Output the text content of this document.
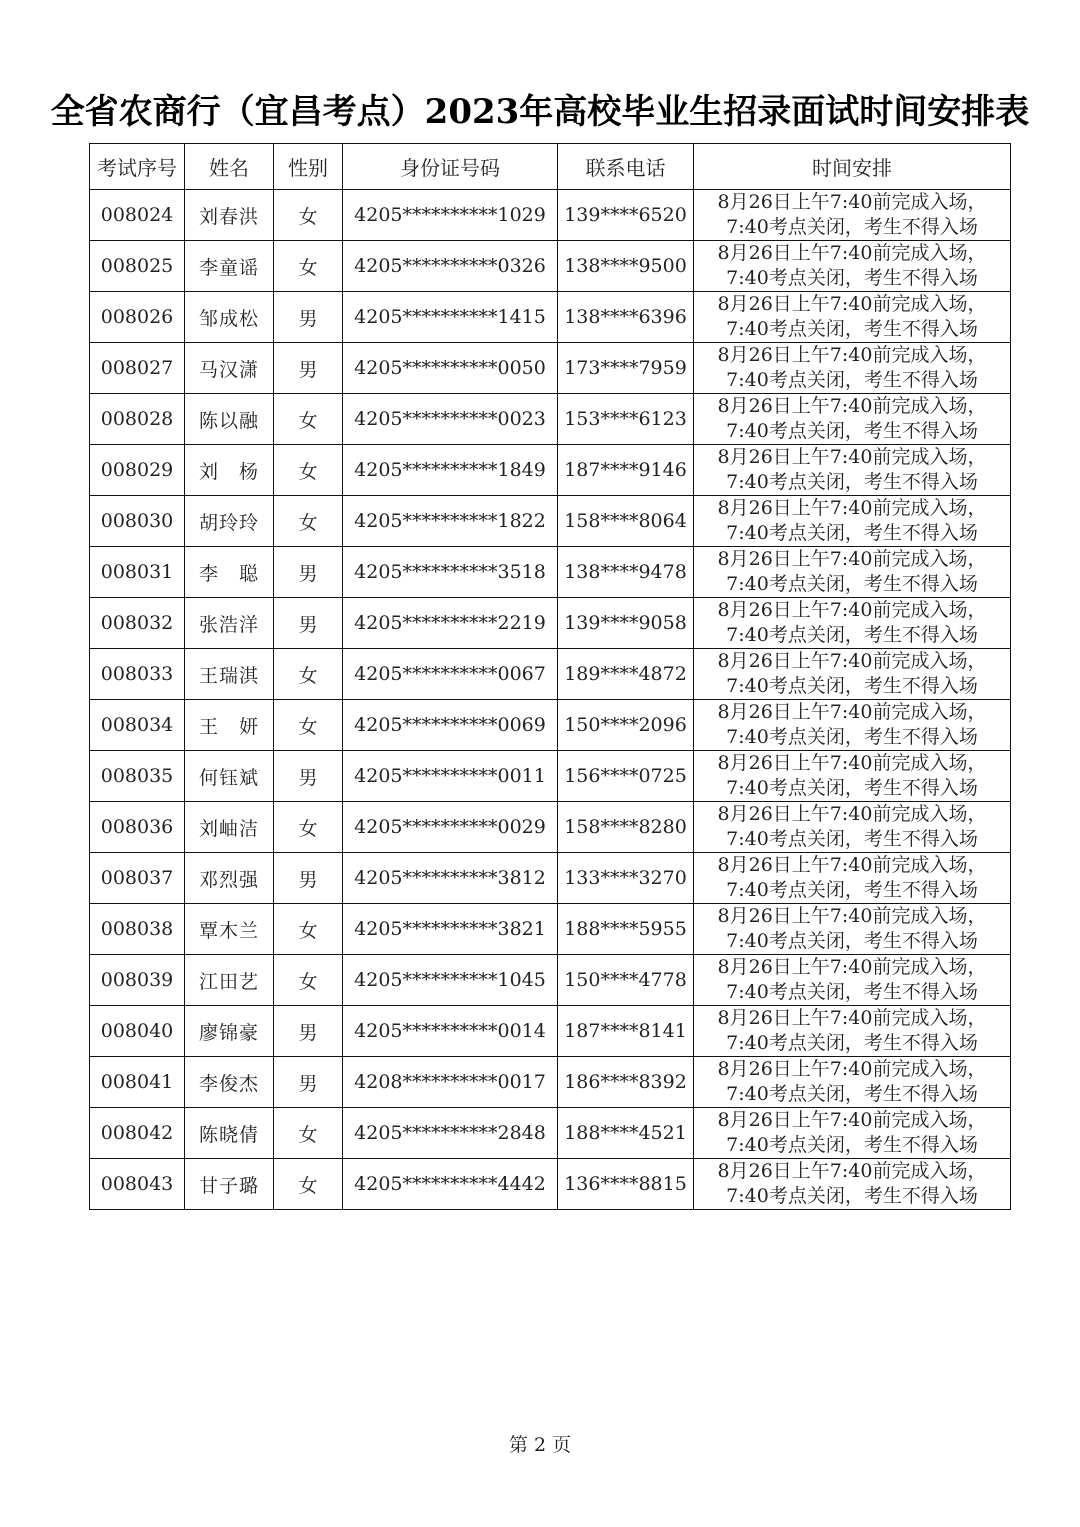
全省农商行（宜昌考点）2023年高校毕业生招录面试时间安排表
考试序号	姓名	性别	身份证号码	联系电话	时间安排
008024	刘春洪	女	4205**********1029	139****6520	8月26日上午7:40前完成入场，
7:40考点关闭，考生不得入场

008025	李童谣	女	4205**********0326	138****9500	8月26日上午7:40前完成入场，
7:40考点关闭，考生不得入场

008026	邹成松	男	4205**********1415	138****6396	8月26日上午7:40前完成入场，
7:40考点关闭，考生不得入场

008027	马汉潇	男	4205**********0050	173****7959	8月26日上午7:40前完成入场，
7:40考点关闭，考生不得入场

008028	陈以融	女	4205**********0023	153****6123	8月26日上午7:40前完成入场，
7:40考点关闭，考生不得入场

008029	刘　杨	女	4205**********1849	187****9146	8月26日上午7:40前完成入场，
7:40考点关闭，考生不得入场

008030	胡玲玲	女	4205**********1822	158****8064	8月26日上午7:40前完成入场，
7:40考点关闭，考生不得入场

008031	李　聪	男	4205**********3518	138****9478	8月26日上午7:40前完成入场，
7:40考点关闭，考生不得入场

008032	张浩洋	男	4205**********2219	139****9058	8月26日上午7:40前完成入场，
7:40考点关闭，考生不得入场

008033	王瑞淇	女	4205**********0067	189****4872	8月26日上午7:40前完成入场，
7:40考点关闭，考生不得入场

008034	王　妍	女	4205**********0069	150****2096	8月26日上午7:40前完成入场，
7:40考点关闭，考生不得入场

008035	何钰斌	男	4205**********0011	156****0725	8月26日上午7:40前完成入场，
7:40考点关闭，考生不得入场

008036	刘岫洁	女	4205**********0029	158****8280	8月26日上午7:40前完成入场，
7:40考点关闭，考生不得入场

008037	邓烈强	男	4205**********3812	133****3270	8月26日上午7:40前完成入场，
7:40考点关闭，考生不得入场

008038	覃木兰	女	4205**********3821	188****5955	8月26日上午7:40前完成入场，
7:40考点关闭，考生不得入场

008039	江田艺	女	4205**********1045	150****4778	8月26日上午7:40前完成入场，
7:40考点关闭，考生不得入场

008040	廖锦豪	男	4205**********0014	187****8141	8月26日上午7:40前完成入场，
7:40考点关闭，考生不得入场

008041	李俊杰	男	4208**********0017	186****8392	8月26日上午7:40前完成入场，
7:40考点关闭，考生不得入场

008042	陈晓倩	女	4205**********2848	188****4521	8月26日上午7:40前完成入场，
7:40考点关闭，考生不得入场

008043	甘子璐	女	4205**********4442	136****8815	8月26日上午7:40前完成入场，
7:40考点关闭，考生不得入场
第 2 页
